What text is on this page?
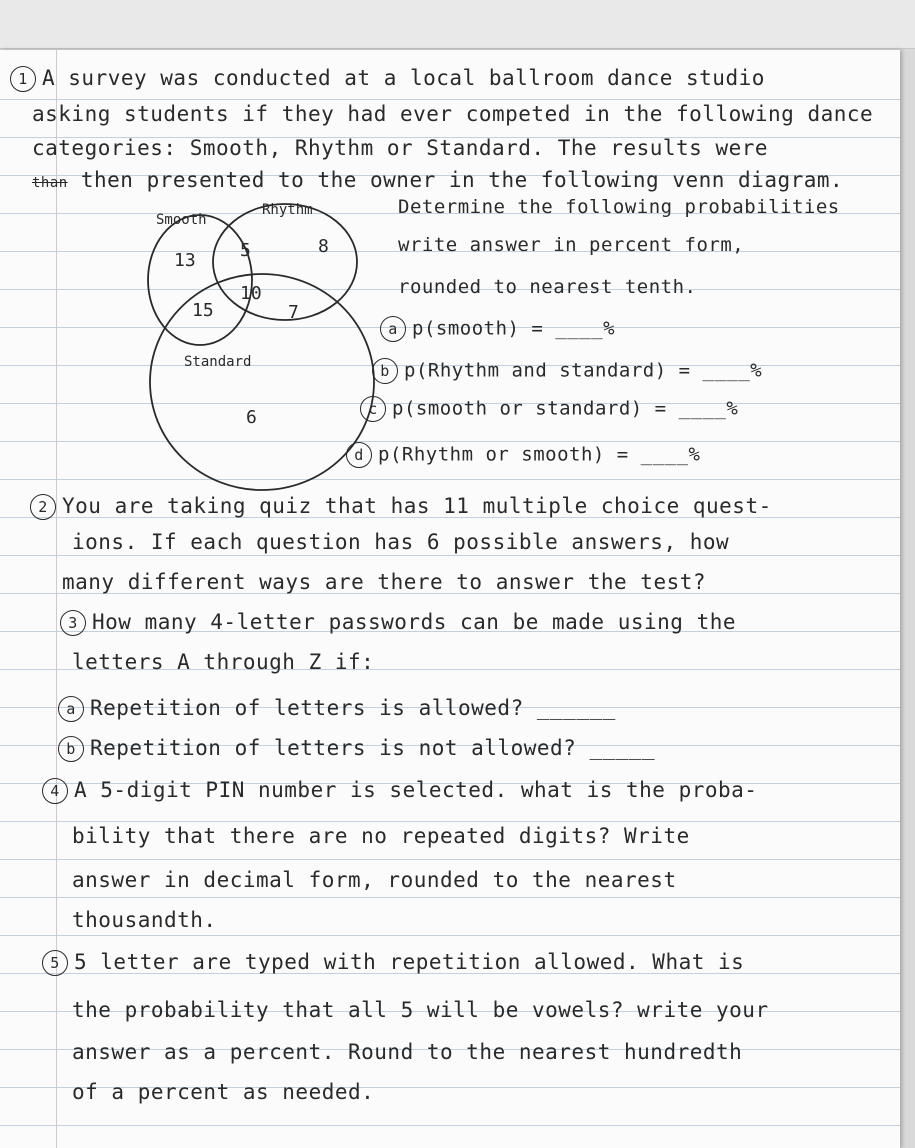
1 A survey was conducted at a local ballroom dance studio
asking students if they had ever competed in the following dance
categories: Smooth, Rhythm or Standard. The results were
than then presented to the owner in the following venn diagram.
Smooth
Rhythm
Standard
13 5	8
10
15	7
6
Determine the following probabilities
write answer in percent form,
rounded to nearest tenth.
a p(smooth) = ____%
b p(Rhythm and standard) = ____%
c p(smooth or standard) = ____%
d p(Rhythm or smooth) = ____%
2 You are taking quiz that has 11 multiple choice quest-
ions. If each question has 6 possible answers, how
many different ways are there to answer the test?
3 How many 4-letter passwords can be made using the
letters A through Z if:
a Repetition of letters is allowed? ______
b Repetition of letters is not allowed? _____
4 A 5-digit PIN number is selected. what is the proba-
bility that there are no repeated digits? Write
answer in decimal form, rounded to the nearest
thousandth.
5 5 letter are typed with repetition allowed. What is
the probability that all 5 will be vowels? write your
answer as a percent. Round to the nearest hundredth
of a percent as needed.
